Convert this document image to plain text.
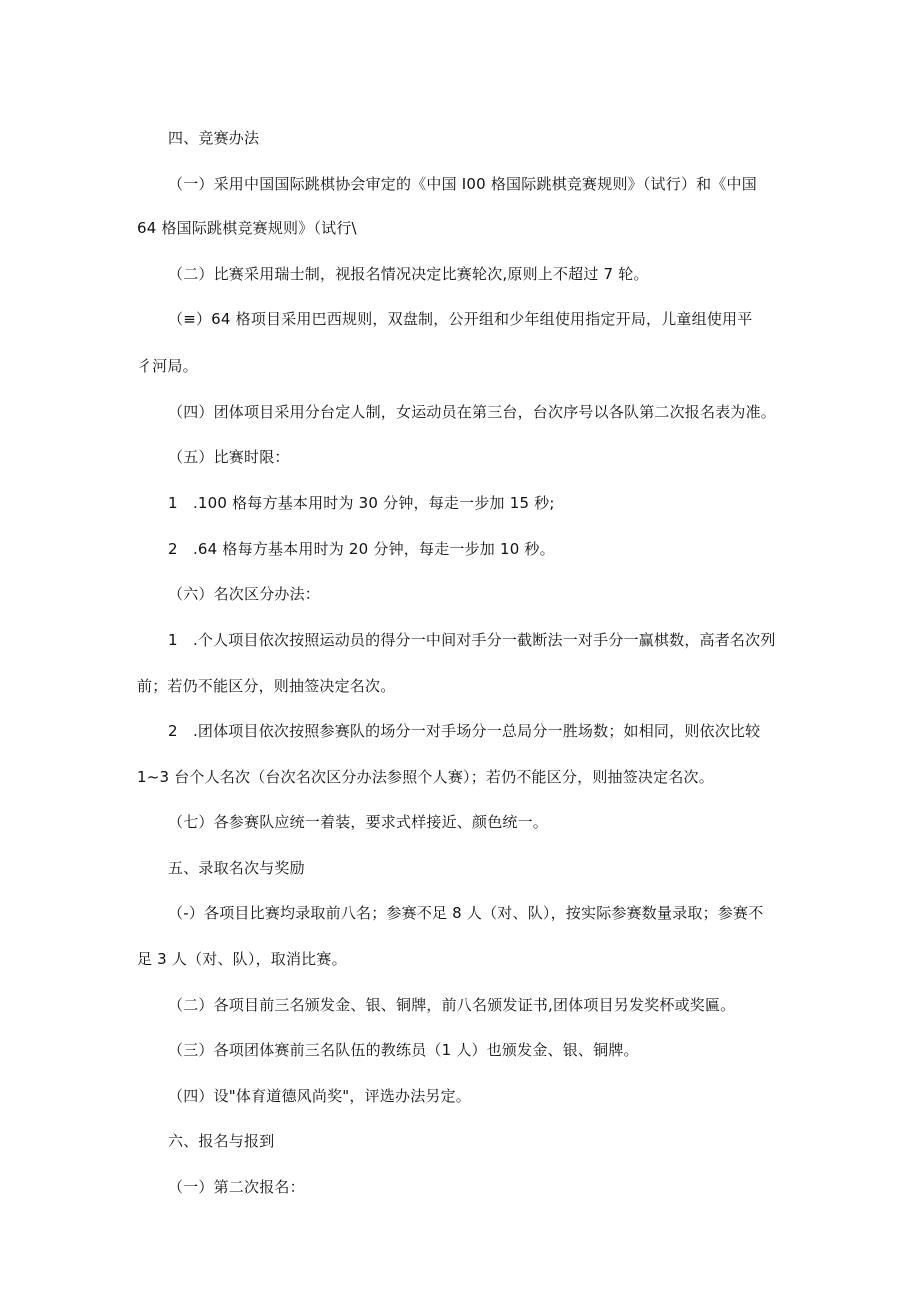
四、竞赛办法
（一）采用中国国际跳棋协会审定的《中国 I00 格国际跳棋竞赛规则》（试行）和《中国
64 格国际跳棋竞赛规则》（试行\
（二）比赛采用瑞士制，视报名情况决定比赛轮次,原则上不超过 7 轮。
（≡）64 格项目采用巴西规则，双盘制，公开组和少年组使用指定开局，儿童组使用平
彳河局。
（四）团体项目采用分台定人制，女运动员在第三台，台次序号以各队第二次报名表为准。
（五）比赛时限：
1　.100 格每方基本用时为 30 分钟，每走一步加 15 秒;
2　.64 格每方基本用时为 20 分钟，每走一步加 10 秒。
（六）名次区分办法：
1　.个人项目依次按照运动员的得分一中间对手分一截断法一对手分一赢棋数，高者名次列
前；若仍不能区分，则抽签决定名次。
2　.团体项目依次按照参赛队的场分一对手场分一总局分一胜场数；如相同，则依次比较
1~3 台个人名次（台次名次区分办法参照个人赛）；若仍不能区分，则抽签决定名次。
（七）各参赛队应统一着装，要求式样接近、颜色统一。
五、录取名次与奖励
（-）各项目比赛均录取前八名；参赛不足 8 人（对、队），按实际参赛数量录取；参赛不
足 3 人（对、队），取消比赛。
（二）各项目前三名颁发金、银、铜牌，前八名颁发证书,团体项目另发奖杯或奖匾。
（三）各项团体赛前三名队伍的教练员（1 人）也颁发金、银、铜牌。
（四）设"体育道德风尚奖"，评选办法另定。
六、报名与报到
（一）第二次报名：
